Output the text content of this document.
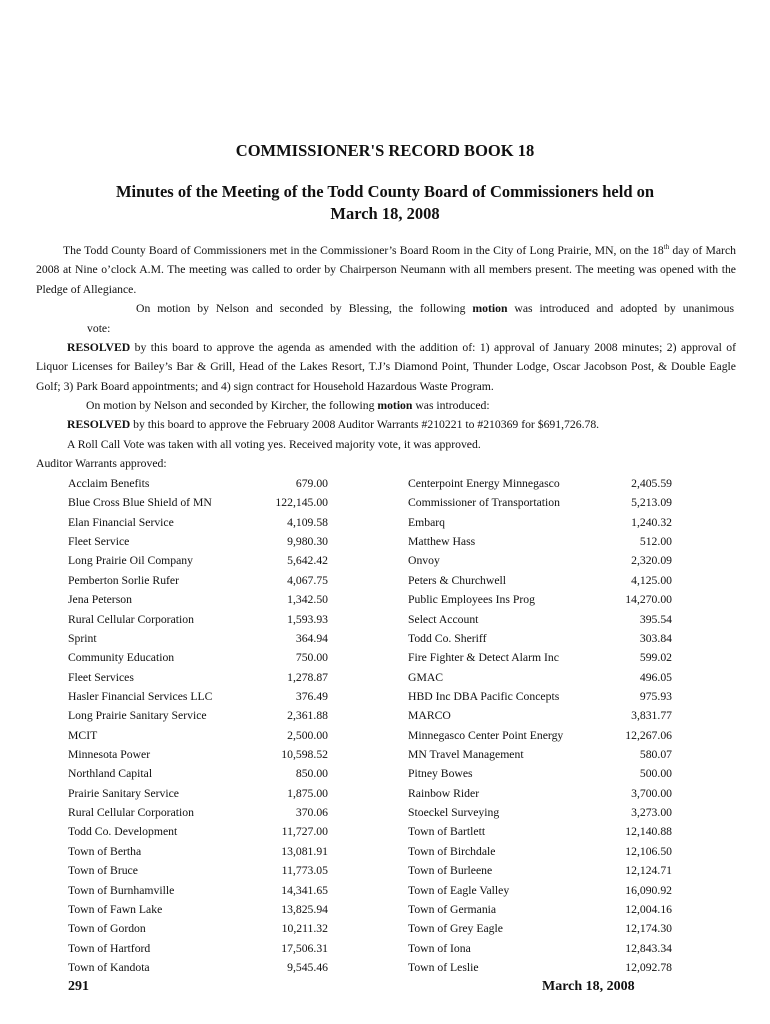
COMMISSIONER'S RECORD BOOK 18
Minutes of the Meeting of the Todd County Board of Commissioners held on
March 18, 2008

The Todd County Board of Commissioners met in the Commissioner’s Board Room in the City of Long Prairie, MN, on the 18th day of March 2008 at Nine o’clock A.M. The meeting was called to order by Chairperson Neumann with all members present. The meeting was opened with the Pledge of Allegiance.

On motion by Nelson and seconded by Blessing, the following motion was introduced and adopted by unanimous

vote:

RESOLVED by this board to approve the agenda as amended with the addition of: 1) approval of January 2008 minutes; 2) approval of Liquor Licenses for Bailey’s Bar & Grill, Head of the Lakes Resort, T.J’s Diamond Point, Thunder Lodge, Oscar Jacobson Post, & Double Eagle Golf; 3) Park Board appointments; and 4) sign contract for Household Hazardous Waste Program.

On motion by Nelson and seconded by Kircher, the following motion was introduced:

RESOLVED by this board to approve the February 2008 Auditor Warrants #210221 to #210369 for $691,726.78.

A Roll Call Vote was taken with all voting yes. Received majority vote, it was approved.

Auditor Warrants approved:

Acclaim Benefits	679.00	Centerpoint Energy Minnegasco	2,405.59
Blue Cross Blue Shield of MN	122,145.00	Commissioner of Transportation	5,213.09
Elan Financial Service	4,109.58	Embarq	1,240.32
Fleet Service	9,980.30	Matthew Hass	512.00
Long Prairie Oil Company	5,642.42	Onvoy	2,320.09
Pemberton Sorlie Rufer	4,067.75	Peters & Churchwell	4,125.00
Jena Peterson	1,342.50	Public Employees Ins Prog	14,270.00
Rural Cellular Corporation	1,593.93	Select Account	395.54
Sprint	364.94	Todd Co. Sheriff	303.84
Community Education	750.00	Fire Fighter & Detect Alarm Inc	599.02
Fleet Services	1,278.87	GMAC	496.05
Hasler Financial Services LLC	376.49	HBD Inc DBA Pacific Concepts	975.93
Long Prairie Sanitary Service	2,361.88	MARCO	3,831.77
MCIT	2,500.00	Minnegasco Center Point Energy	12,267.06
Minnesota Power	10,598.52	MN Travel Management	580.07
Northland Capital	850.00	Pitney Bowes	500.00
Prairie Sanitary Service	1,875.00	Rainbow Rider	3,700.00
Rural Cellular Corporation	370.06	Stoeckel Surveying	3,273.00
Todd Co. Development	11,727.00	Town of Bartlett	12,140.88
Town of Bertha	13,081.91	Town of Birchdale	12,106.50
Town of Bruce	11,773.05	Town of Burleene	12,124.71
Town of Burnhamville	14,341.65	Town of Eagle Valley	16,090.92
Town of Fawn Lake	13,825.94	Town of Germania	12,004.16
Town of Gordon	10,211.32	Town of Grey Eagle	12,174.30
Town of Hartford	17,506.31	Town of Iona	12,843.34
Town of Kandota	9,545.46	Town of Leslie	12,092.78

291	March 18, 2008
